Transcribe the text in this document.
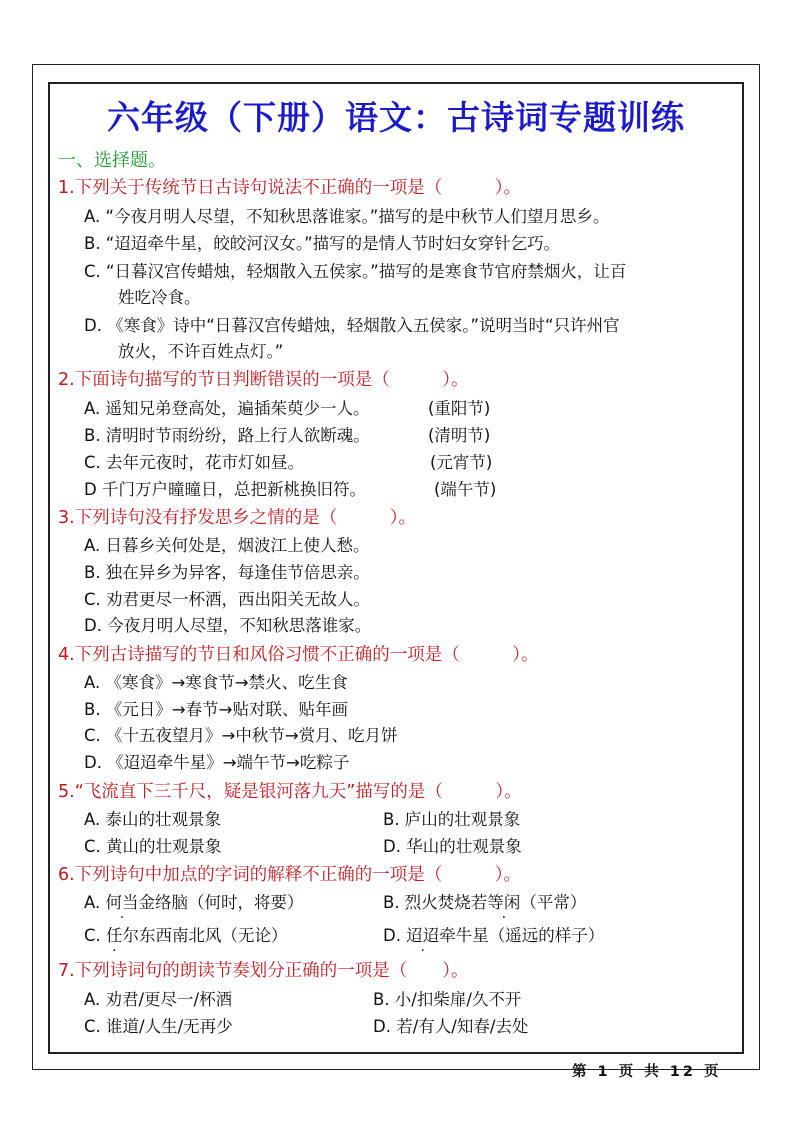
六年级（下册）语文：古诗词专题训练

一、选择题。

1.下列关于传统节日古诗句说法不正确的一项是（　　　）。

A. “今夜月明人尽望，不知秋思落谁家。”描写的是中秋节人们望月思乡。

B. “迢迢牵牛星，皎皎河汉女。”描写的是情人节时妇女穿针乞巧。

C. “日暮汉宫传蜡烛，轻烟散入五侯家。”描写的是寒食节官府禁烟火，让百

姓吃冷食。

D. 《寒食》诗中“日暮汉宫传蜡烛，轻烟散入五侯家。”说明当时“只许州官

放火，不许百姓点灯。”

2.下面诗句描写的节日判断错误的一项是（　　　）。

A. 遥知兄弟登高处，遍插茱萸少一人。	(重阳节)

B. 清明时节雨纷纷，路上行人欲断魂。	(清明节)

C. 去年元夜时，花市灯如昼。	(元宵节)

D 千门万户曈曈日，总把新桃换旧符。	(端午节)

3.下列诗句没有抒发思乡之情的是（　　　）。

A. 日暮乡关何处是，烟波江上使人愁。

B. 独在异乡为异客，每逢佳节倍思亲。

C. 劝君更尽一杯酒，西出阳关无故人。

D. 今夜月明人尽望，不知秋思落谁家。

4.下列古诗描写的节日和风俗习惯不正确的一项是（　　　）。

A. 《寒食》→寒食节→禁火、吃生食

B. 《元日》→春节→贴对联、贴年画

C. 《十五夜望月》→中秋节→赏月、吃月饼

D. 《迢迢牵牛星》→端午节→吃粽子

5.“飞流直下三千尺，疑是银河落九天”描写的是（　　　）。

A. 泰山的壮观景象	B. 庐山的壮观景象

C. 黄山的壮观景象	D. 华山的壮观景象

6.下列诗句中加点的字词的解释不正确的一项是（　　　）。

A. 何当金络脑（何时，将要）	B. 烈火焚烧若等闲（平常）

C. 任尔东西南北风（无论）	D. 迢迢牵牛星（遥远的样子）

7.下列诗词句的朗读节奏划分正确的一项是（　　）。

A. 劝君/更尽一/杯酒	B. 小/扣柴扉/久不开

C. 谁道/人生/无再少	D. 若/有人/知春/去处

第 1 页 共 12 页
